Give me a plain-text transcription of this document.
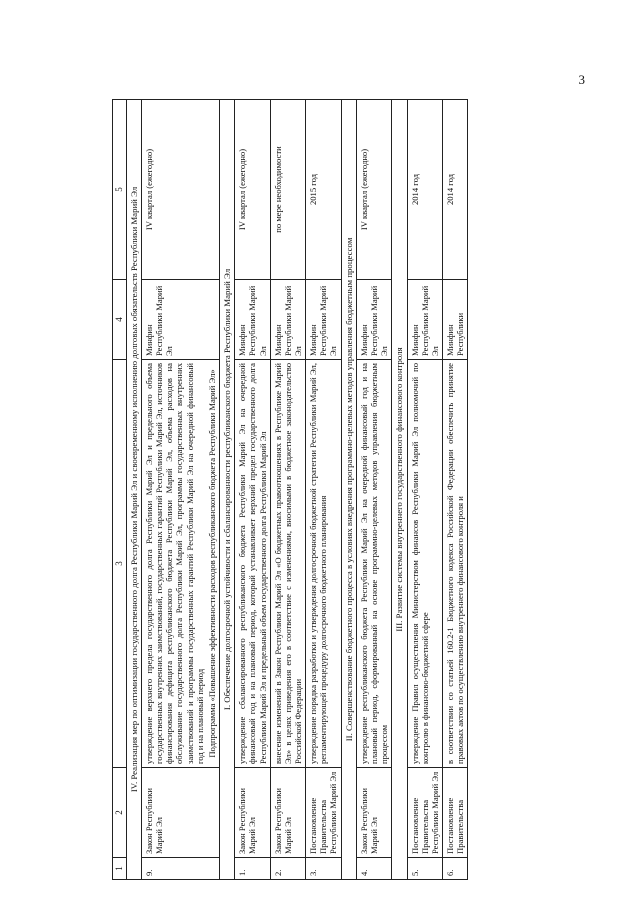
3
1	2	3	4	5
IV. Реализация мер по оптимизации государственного долга Республики Марий Эл и своевременному исполнению долговых обязательств Республики Марий Эл				
9.	Закон Республики Марий Эл	утверждение верхнего предела государственного долга Республики Марий Эл и предельного объема государственных внутренних заимствований, государственных гарантий Республики Марий Эл, источников финансирования дефицита республиканского бюджета Республики Марий Эл, объема расходов на обслуживание государственного долга Республики Марий Эл, программы государственных внутренних заимствований и программы государственных гарантий Республики Марий Эл на очередной финансовый год и на плановый период Подпрограмма «Повышение эффективности расходов республиканского бюджета Республики Марий Эл»	Минфин Республики Марий Эл	IV квартал (ежегодно)
I. Обеспечение долгосрочной устойчивости и сбалансированности республиканского бюджета Республики Марий Эл				
1.	Закон Республики Марий Эл	утверждение сбалансированного республиканского бюджета Республики Марий Эл на очередной финансовый год и на плановый период, который устанавливает верхний предел государственного долга Республики Марий Эл и предельный объем государственного долга Республики Марий Эл	Минфин Республики Марий Эл	IV квартал (ежегодно)
2.	Закон Республики Марий Эл	внесение изменений в Закон Республики Марий Эл «О бюджетных правоотношениях в Республике Марий Эл» в целях приведения его в соответствие с изменениями, вносимыми в бюджетное законодательство Российской Федерации	Минфин Республики Марий Эл	по мере необходимости
3.	Постановление Правительства Республики Марий Эл	утверждение порядка разработки и утверждения долгосрочной бюджетной стратегии Республики Марий Эл, регламентирующей процедуру долгосрочного бюджетного планирования	Минфин Республики Марий Эл	2015 год
II. Совершенствование бюджетного процесса в условиях внедрения программно-целевых методов управления бюджетным процессом				
4.	Закон Республики Марий Эл	утверждение республиканского бюджета Республики Марий Эл на очередной финансовый год и на плановый период, сформированный на основе программно-целевых методов управления бюджетным процессом	Минфин Республики Марий Эл	IV квартал (ежегодно)
III. Развитие системы внутреннего государственного финансового контроля				
5.	Постановление Правительства Республики Марий Эл	утверждение Правил осуществления Министерством финансов Республики Марий Эл полномочий по контролю в финансово-бюджетной сфере	Минфин Республики Марий Эл	2014 год
6.	Постановление Правительства	в соответствии со статьей 160.2-1 Бюджетного кодекса Российской Федерации обеспечить принятие правовых актов по осуществлению внутреннего финансового контроля и	Минфин Республики	2014 год
